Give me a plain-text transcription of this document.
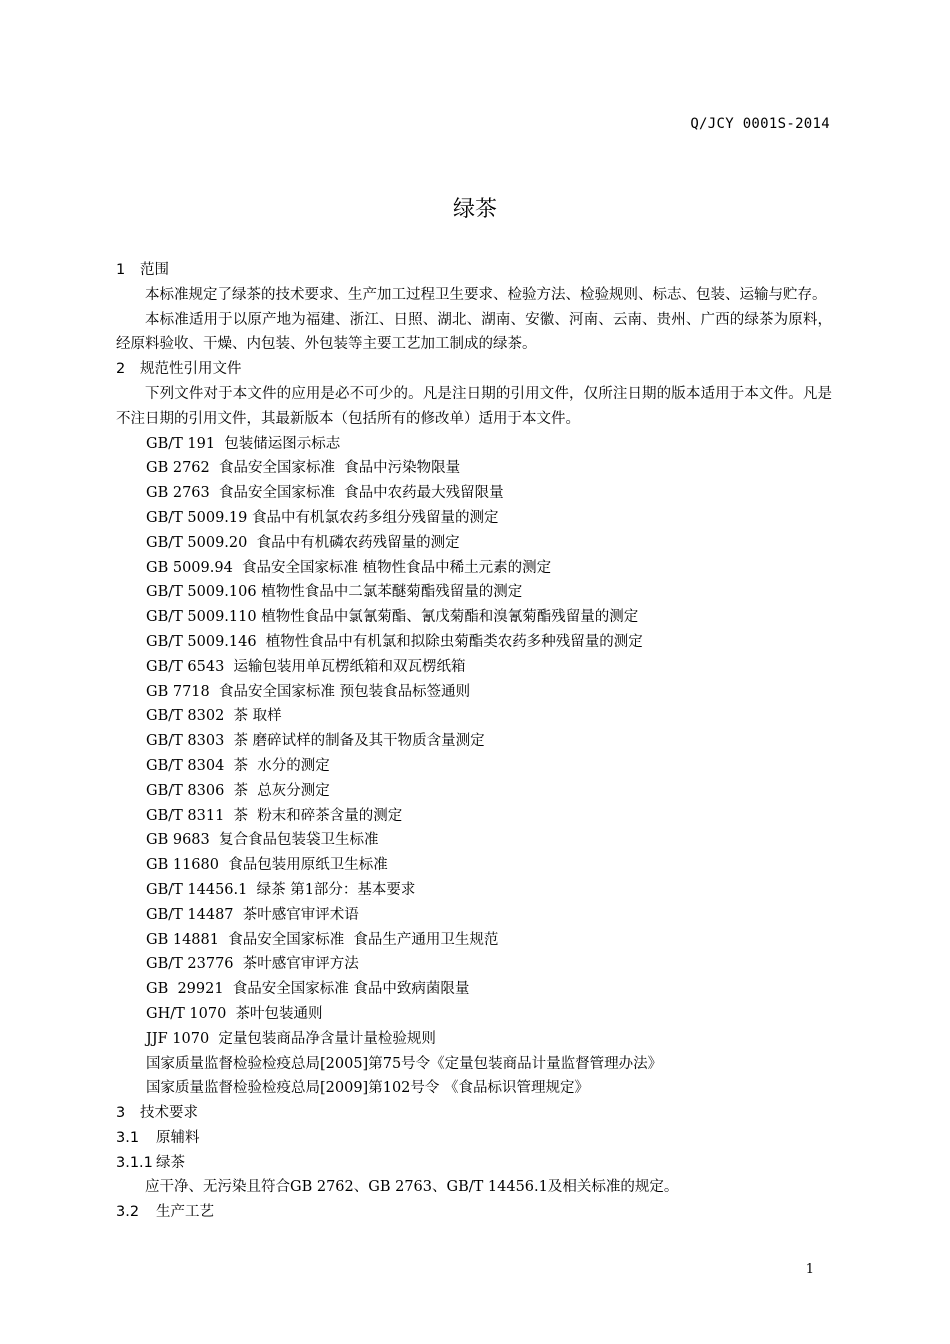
Q/JCY 0001S-2014
绿茶
1 范围
本标准规定了绿茶的技术要求、生产加工过程卫生要求、检验方法、检验规则、标志、包装、运输与贮存。
本标准适用于以原产地为福建、浙江、日照、湖北、湖南、安徽、河南、云南、贵州、广西的绿茶为原料，经原料验收、干燥、内包装、外包装等主要工艺加工制成的绿茶。
2 规范性引用文件
下列文件对于本文件的应用是必不可少的。凡是注日期的引用文件，仅所注日期的版本适用于本文件。凡是不注日期的引用文件，其最新版本（包括所有的修改单）适用于本文件。
GB/T 191  包装储运图示标志
GB 2762  食品安全国家标准  食品中污染物限量
GB 2763  食品安全国家标准  食品中农药最大残留限量
GB/T 5009.19 食品中有机氯农药多组分残留量的测定
GB/T 5009.20  食品中有机磷农药残留量的测定
GB 5009.94  食品安全国家标准 植物性食品中稀土元素的测定
GB/T 5009.106 植物性食品中二氯苯醚菊酯残留量的测定
GB/T 5009.110 植物性食品中氯氰菊酯、氰戊菊酯和溴氰菊酯残留量的测定
GB/T 5009.146  植物性食品中有机氯和拟除虫菊酯类农药多种残留量的测定
GB/T 6543  运输包装用单瓦楞纸箱和双瓦楞纸箱
GB 7718  食品安全国家标准 预包装食品标签通则
GB/T 8302  茶 取样
GB/T 8303  茶 磨碎试样的制备及其干物质含量测定
GB/T 8304  茶  水分的测定
GB/T 8306  茶  总灰分测定
GB/T 8311  茶  粉末和碎茶含量的测定
GB 9683  复合食品包装袋卫生标准
GB 11680  食品包装用原纸卫生标准
GB/T 14456.1  绿茶 第1部分：基本要求
GB/T 14487  茶叶感官审评术语
GB 14881  食品安全国家标准  食品生产通用卫生规范
GB/T 23776  茶叶感官审评方法
GB  29921  食品安全国家标准 食品中致病菌限量
GH/T 1070  茶叶包装通则
JJF 1070  定量包装商品净含量计量检验规则
国家质量监督检验检疫总局[2005]第75号令《定量包装商品计量监督管理办法》
国家质量监督检验检疫总局[2009]第102号令 《食品标识管理规定》
3 技术要求
3.1 原辅料
3.1.1 绿茶
应干净、无污染且符合GB 2762、GB 2763、GB/T 14456.1及相关标准的规定。
3.2 生产工艺
1
